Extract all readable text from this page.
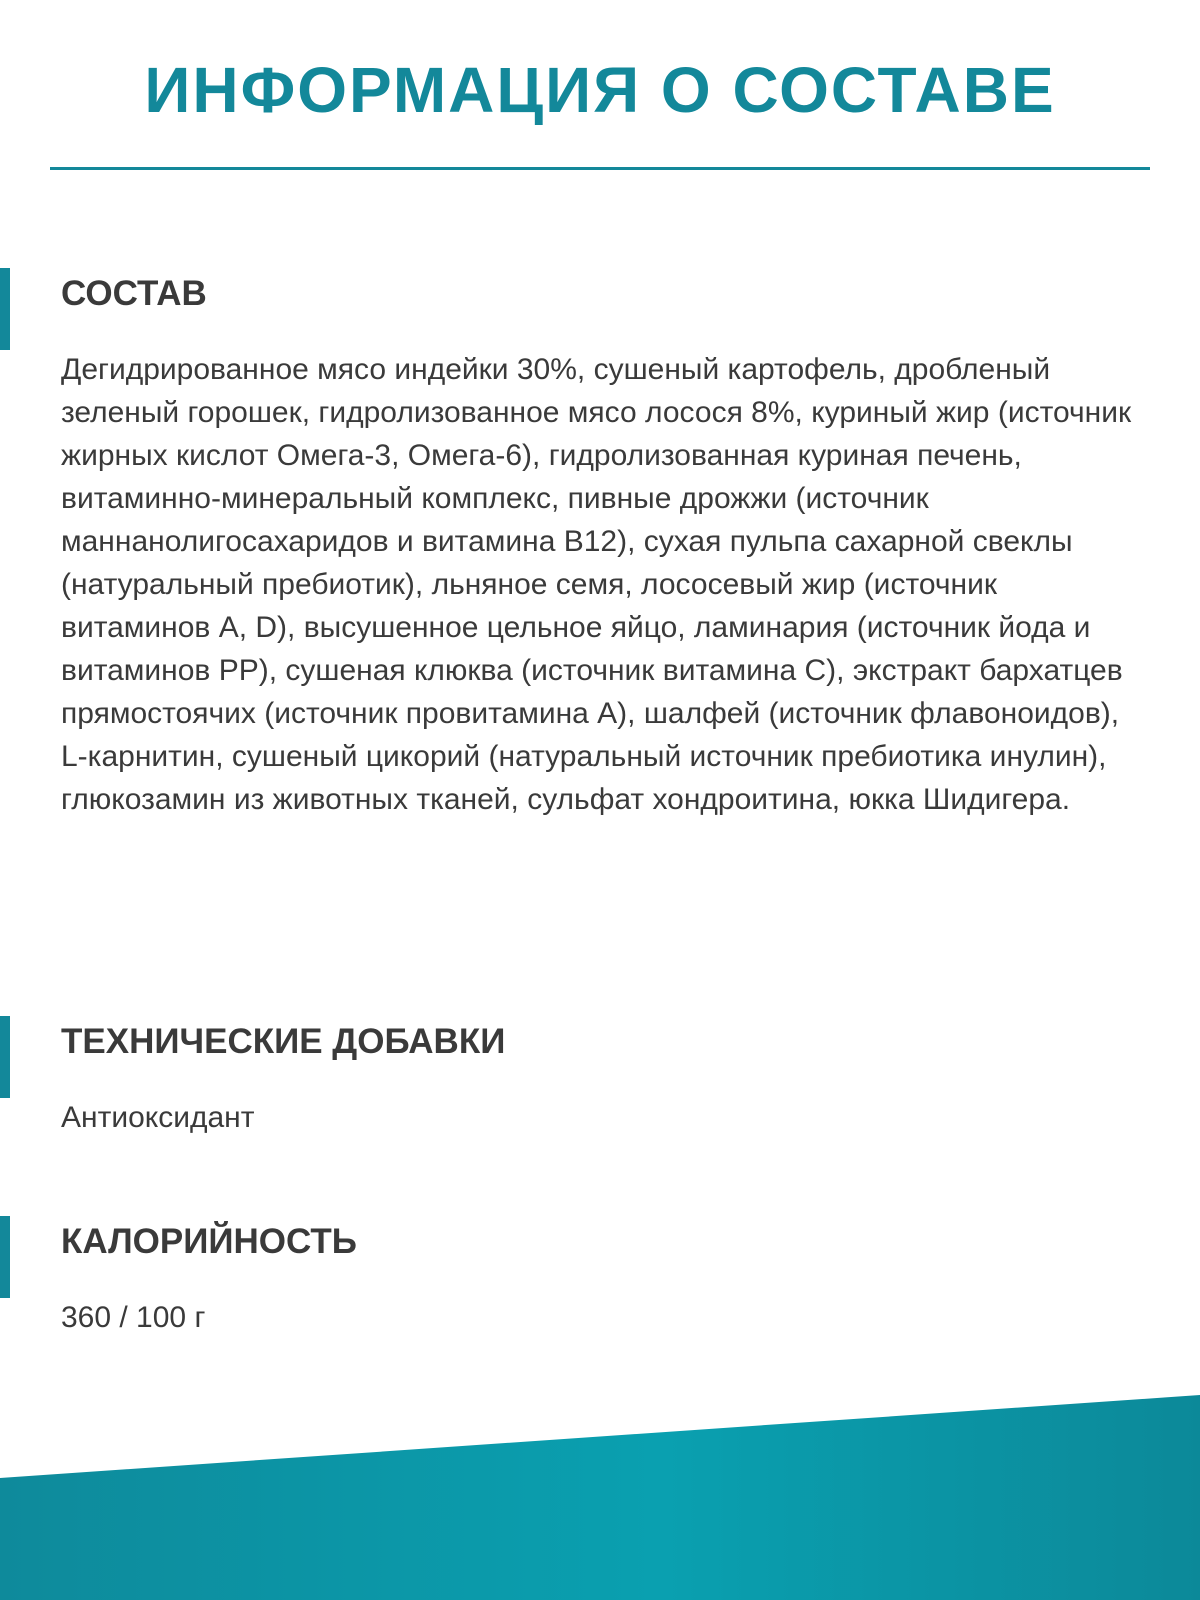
ИНФОРМАЦИЯ О СОСТАВЕ
СОСТАВ

Дегидрированное мясо индейки 30%, сушеный картофель, дробленый зеленый горошек, гидролизованное мясо лосося 8%, куриный жир (источник жирных кислот Омега-3, Омега-6), гидролизованная куриная печень, витаминно-минеральный комплекс, пивные дрожжи (источник маннанолигосахаридов и витамина B12), сухая пульпа сахарной свеклы (натуральный пребиотик), льняное семя, лососевый жир (источник витаминов A, D), высушенное цельное яйцо, ламинария (источник йода и витаминов PP), сушеная клюква (источник витамина C), экстракт бархатцев прямостоячих (источник провитамина A), шалфей (источник флавоноидов), L-карнитин, сушеный цикорий (натуральный источник пребиотика инулин), глюкозамин из животных тканей, сульфат хондроитина, юкка Шидигера.

ТЕХНИЧЕСКИЕ ДОБАВКИ

Антиоксидант

КАЛОРИЙНОСТЬ

360 / 100 г
